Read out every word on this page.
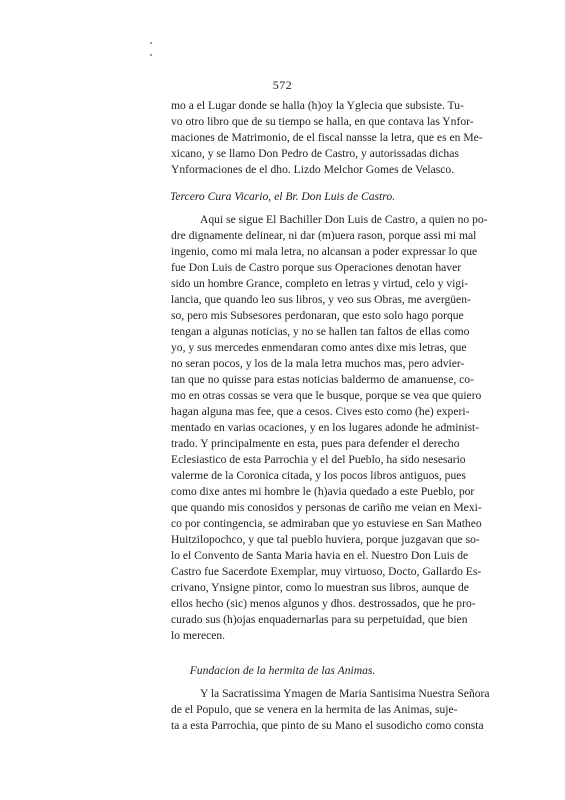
572
mo a el Lugar donde se halla (h)oy la Yglecia que subsiste. Tu-
vo otro libro que de su tiempo se halla, en que contava las Ynfor-
maciones de Matrimonio, de el fiscal nansse la letra, que es en Me-
xicano, y se llamo Don Pedro de Castro, y autorissadas dichas
Ynformaciones de el dho. Lizdo Melchor Gomes de Velasco.
Tercero Cura Vicario, el Br. Don Luis de Castro.
Aqui se sigue El Bachiller Don Luis de Castro, a quien no po-
dre dignamente delinear, ni dar (m)uera rason, porque assi mi mal
ingenio, como mi mala letra, no alcansan a poder expressar lo que
fue Don Luis de Castro porque sus Operaciones denotan haver
sido un hombre Grance, completo en letras y virtud, celo y vigi-
lancia, que quando leo sus libros, y veo sus Obras, me avergüen-
so, pero mis Subsesores perdonaran, que esto solo hago porque
tengan a algunas noticias, y no se hallen tan faltos de ellas como
yo, y sus mercedes enmendaran como antes dixe mis letras, que
no seran pocos, y los de la mala letra muchos mas, pero advier-
tan que no quisse para estas noticias baldermo de amanuense, co-
mo en otras cossas se vera que le busque, porque se vea que quiero
hagan alguna mas fee, que a cesos. Cives esto como (he) experi-
mentado en varias ocaciones, y en los lugares adonde he administ-
trado. Y principalmente en esta, pues para defender el derecho
Eclesiastico de esta Parrochia y el del Pueblo, ha sido nesesario
valerme de la Coronica citada, y los pocos libros antiguos, pues
como dixe antes mi hombre le (h)avia quedado a este Pueblo, por
que quando mis conosidos y personas de cariño me veian en Mexi-
co por contingencia, se admiraban que yo estuviese en San Matheo
Huitzilopochco, y que tal pueblo huviera, porque juzgavan que so-
lo el Convento de Santa Maria havia en el. Nuestro Don Luis de
Castro fue Sacerdote Exemplar, muy virtuoso, Docto, Gallardo Es-
crivano, Ynsigne pintor, como lo muestran sus libros, aunque de
ellos hecho (sic) menos algunos y dhos. destrossados, que he pro-
curado sus (h)ojas enquadernarlas para su perpetuidad, que bien
lo merecen.
Fundacion de la hermita de las Animas.
Y la Sacratissima Ymagen de Maria Santisima Nuestra Señora
de el Populo, que se venera en la hermita de las Animas, suje-
ta a esta Parrochia, que pinto de su Mano el susodicho como consta
